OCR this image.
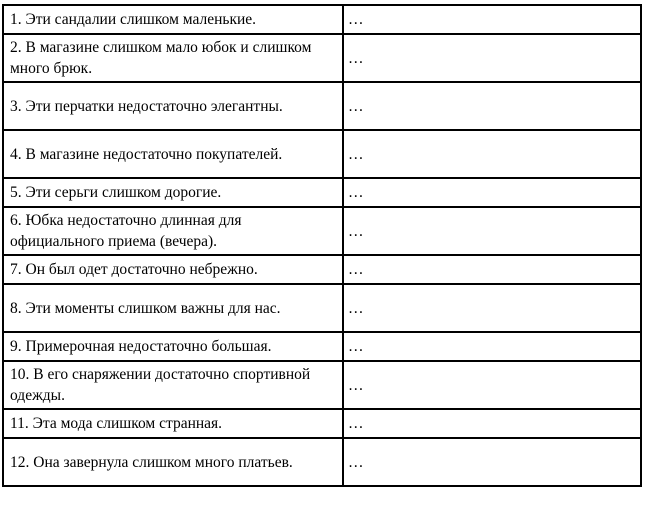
1. Эти сандалии слишком маленькие.	…
2. В магазине слишком мало юбок и слишком много брюк.	…
3. Эти перчатки недостаточно элегантны.	…
4. В магазине недостаточно покупателей.	…
5. Эти серьги слишком дорогие.	…
6. Юбка недостаточно длинная для официального приема (вечера).	…
7. Он был одет достаточно небрежно.	…
8. Эти моменты слишком важны для нас.	…
9. Примерочная недостаточно большая.	…
10. В его снаряжении достаточно спортивной одежды.	…
11. Эта мода слишком странная.	…
12. Она завернула слишком много платьев.	…
